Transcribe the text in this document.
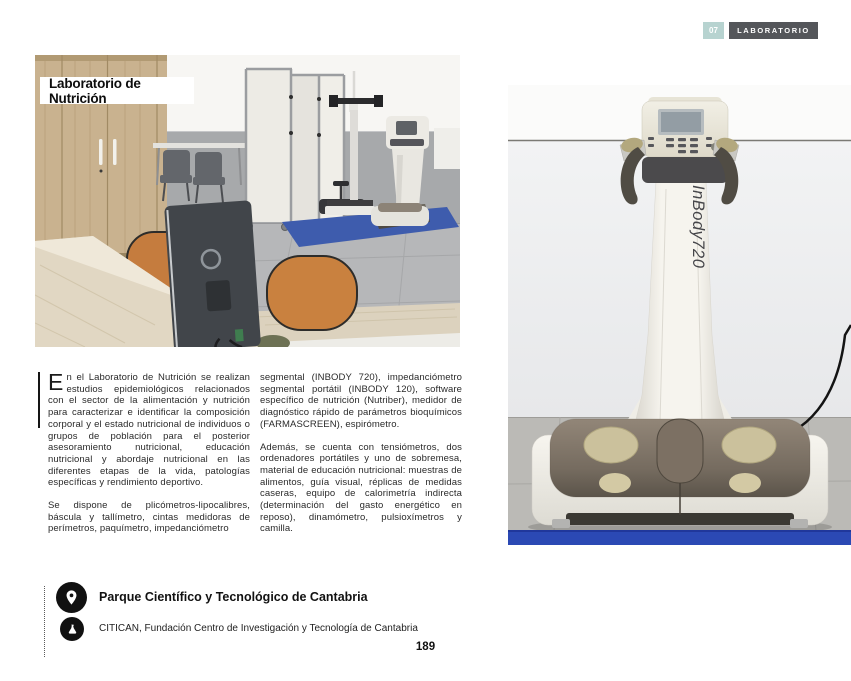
07	LABORATORIO
Laboratorio de Nutrición
InBody720

En el Laboratorio de Nutrición se realizan estudios epidemiológicos relacionados con el sector de la alimentación y nutrición para caracterizar e identificar la composición corporal y el estado nutricional de individuos o grupos de población para el posterior asesoramiento nutricional, educación nutricional y abordaje nutricional en las diferentes etapas de la vida, patologías específicas y rendimiento deportivo.

Se dispone de plicómetros-lipocalibres, báscula y tallímetro, cintas medidoras de perímetros, paquímetro, impedanciómetro

segmental (INBODY 720), impedanciómetro segmental portátil (INBODY 120), software específico de nutrición (Nutriber), medidor de diagnóstico rápido de parámetros bioquímicos (FARMASCREEN), espirómetro.

Además, se cuenta con tensiómetros, dos ordenadores portátiles y uno de sobremesa, material de educación nutricional: muestras de alimentos, guía visual, réplicas de medidas caseras, equipo de calorimetría indirecta (determinación del gasto energético en reposo), dinamómetro, pulsioxímetros y camilla.

Parque Científico y Tecnológico de Cantabria
CITICAN, Fundación Centro de Investigación y Tecnología de Cantabria
189
